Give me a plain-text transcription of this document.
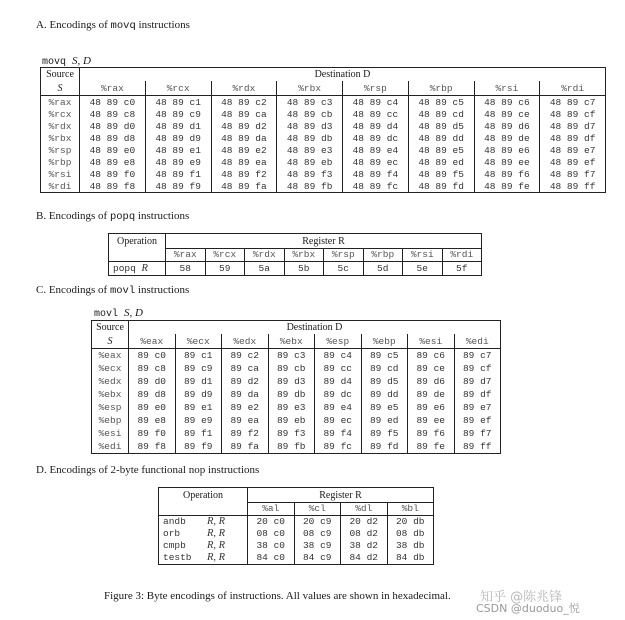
A. Encodings of movq instructions
movq S, D
Source	Destination D							
S	%rax	%rcx	%rdx	%rbx	%rsp	%rbp	%rsi	%rdi
%rax	48 89 c0	48 89 c1	48 89 c2	48 89 c3	48 89 c4	48 89 c5	48 89 c6	48 89 c7
%rcx	48 89 c8	48 89 c9	48 89 ca	48 89 cb	48 89 cc	48 89 cd	48 89 ce	48 89 cf
%rdx	48 89 d0	48 89 d1	48 89 d2	48 89 d3	48 89 d4	48 89 d5	48 89 d6	48 89 d7
%rbx	48 89 d8	48 89 d9	48 89 da	48 89 db	48 89 dc	48 89 dd	48 89 de	48 89 df
%rsp	48 89 e0	48 89 e1	48 89 e2	48 89 e3	48 89 e4	48 89 e5	48 89 e6	48 89 e7
%rbp	48 89 e8	48 89 e9	48 89 ea	48 89 eb	48 89 ec	48 89 ed	48 89 ee	48 89 ef
%rsi	48 89 f0	48 89 f1	48 89 f2	48 89 f3	48 89 f4	48 89 f5	48 89 f6	48 89 f7
%rdi	48 89 f8	48 89 f9	48 89 fa	48 89 fb	48 89 fc	48 89 fd	48 89 fe	48 89 ff
B. Encodings of popq instructions
Operation	Register R							
	%rax	%rcx	%rdx	%rbx	%rsp	%rbp	%rsi	%rdi
popq R	58	59	5a	5b	5c	5d	5e	5f
C. Encodings of movl instructions
movl S, D
Source	Destination D							
S	%eax	%ecx	%edx	%ebx	%esp	%ebp	%esi	%edi
%eax	89 c0	89 c1	89 c2	89 c3	89 c4	89 c5	89 c6	89 c7
%ecx	89 c8	89 c9	89 ca	89 cb	89 cc	89 cd	89 ce	89 cf
%edx	89 d0	89 d1	89 d2	89 d3	89 d4	89 d5	89 d6	89 d7
%ebx	89 d8	89 d9	89 da	89 db	89 dc	89 dd	89 de	89 df
%esp	89 e0	89 e1	89 e2	89 e3	89 e4	89 e5	89 e6	89 e7
%ebp	89 e8	89 e9	89 ea	89 eb	89 ec	89 ed	89 ee	89 ef
%esi	89 f0	89 f1	89 f2	89 f3	89 f4	89 f5	89 f6	89 f7
%edi	89 f8	89 f9	89 fa	89 fb	89 fc	89 fd	89 fe	89 ff
D. Encodings of 2-byte functional nop instructions
Operation	Register R			
	%al	%cl	%dl	%bl
andb R, R	20 c0	20 c9	20 d2	20 db
orb R, R	08 c0	08 c9	08 d2	08 db
cmpb R, R	38 c0	38 c9	38 d2	38 db
testb R, R	84 c0	84 c9	84 d2	84 db
Figure 3: Byte encodings of instructions. All values are shown in hexadecimal. 知乎 @陈兆锋
CSDN @duoduo_悦
